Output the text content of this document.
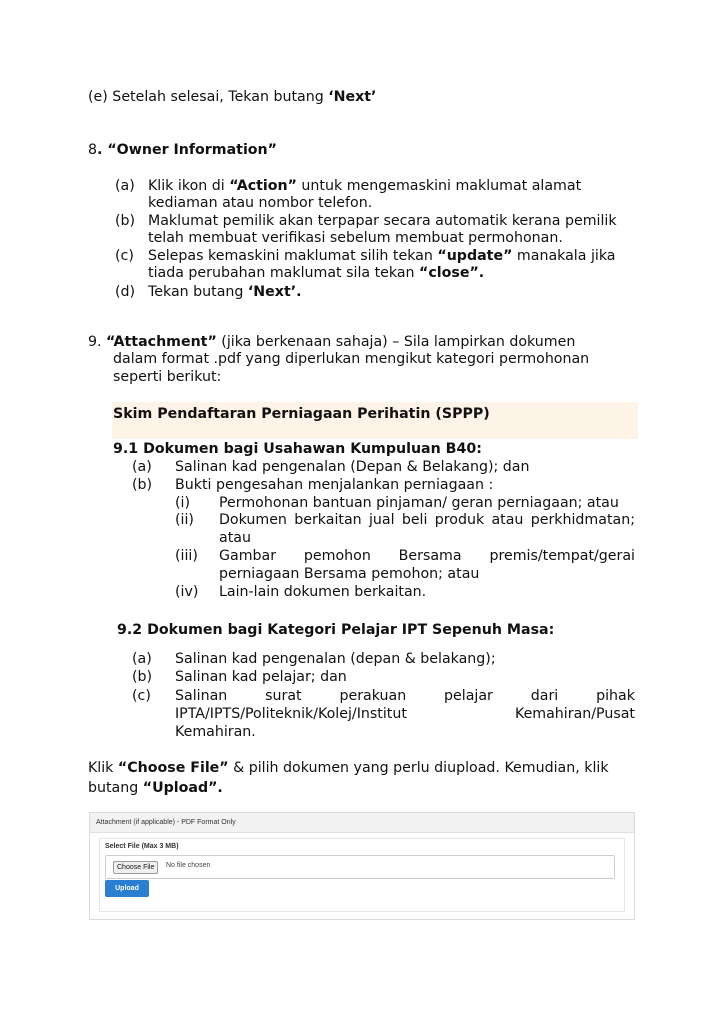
(e) Setelah selesai, Tekan butang ‘Next’
8. “Owner Information”
(a) Klik ikon di “Action” untuk mengemaskini maklumat alamat
kediaman atau nombor telefon.
(b) Maklumat pemilik akan terpapar secara automatik kerana pemilik
telah membuat verifikasi sebelum membuat permohonan.
(c) Selepas kemaskini maklumat silih tekan “update” manakala jika
tiada perubahan maklumat sila tekan “close”.
(d) Tekan butang ‘Next’.
9. “Attachment” (jika berkenaan sahaja) – Sila lampirkan dokumen
dalam format .pdf yang diperlukan mengikut kategori permohonan
seperti berikut:
Skim Pendaftaran Perniagaan Perihatin (SPPP)
9.1 Dokumen bagi Usahawan Kumpuluan B40:
(a) Salinan kad pengenalan (Depan & Belakang); dan
(b) Bukti pengesahan menjalankan perniagaan :
(i) Permohonan bantuan pinjaman/ geran perniagaan; atau
(ii) Dokumen berkaitan jual beli produk atau perkhidmatan;
atau
(iii) Gambar pemohon Bersama premis/tempat/gerai
perniagaan Bersama pemohon; atau
(iv) Lain-lain dokumen berkaitan.
9.2 Dokumen bagi Kategori Pelajar IPT Sepenuh Masa:
(a) Salinan kad pengenalan (depan & belakang);
(b) Salinan kad pelajar; dan
(c) Salinan	surat	perakuan	pelajar	dari	pihak
IPTA/IPTS/Politeknik/Kolej/Institut	Kemahiran/Pusat
Kemahiran.
Klik “Choose File” & pilih dokumen yang perlu diupload. Kemudian, klik
butang “Upload”.
Attachment (if applicable) - PDF Format Only
Select File (Max 3 MB)
Choose File	No file chosen
Upload
